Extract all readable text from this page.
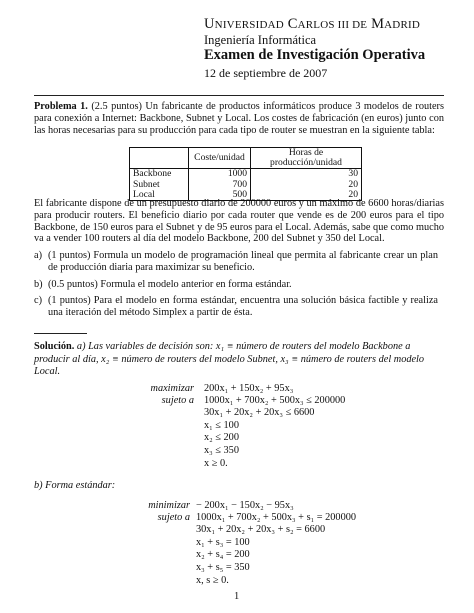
UNIVERSIDAD CARLOS III DE MADRID
Ingeniería Informática
Examen de Investigación Operativa
12 de septiembre de 2007
Problema 1. (2.5 puntos) Un fabricante de productos informáticos produce 3 modelos de routers para conexión a Internet: Backbone, Subnet y Local. Los costes de fabricación (en euros) junto con las horas necesarias para su producción para cada tipo de router se muestran en la siguiente tabla:
	Coste/unidad	Horas de producción/unidad
Backbone	1000	30
Subnet	700	20
Local	500	20
El fabricante dispone de un presupuesto diario de 200000 euros y un máximo de 6600 horas/diarias para producir routers. El beneficio diario por cada router que vende es de 200 euros para el tipo Backbone, de 150 euros para el Subnet y de 95 euros para el Local. Además, sabe que como mucho va a vender 100 routers al día del modelo Backbone, 200 del Subnet y 350 del Local.
a) (1 puntos) Formula un modelo de programación lineal que permita al fabricante crear un plan de producción diaria para maximizar su beneficio.
b) (0.5 puntos) Formula el modelo anterior en forma estándar.
c) (1 puntos) Para el modelo en forma estándar, encuentra una solución básica factible y realiza una iteración del método Simplex a partir de ésta.
Solución. a) Las variables de decisión son: x₁ ≡ número de routers del modelo Backbone a producir al día, x₂ ≡ número de routers del modelo Subnet, x₃ ≡ número de routers del modelo Local.
maximizar
sujeto a
200x₁ + 150x₂ + 95x₃
1000x₁ + 700x₂ + 500x₃ ≤ 200000
30x₁ + 20x₂ + 20x₃ ≤ 6600
x₁ ≤ 100
x₂ ≤ 200
x₃ ≤ 350
x ≥ 0.
b) Forma estándar:
minimizar
sujeto a
− 200x₁ − 150x₂ − 95x₃
1000x₁ + 700x₂ + 500x₃ + s₁ = 200000
30x₁ + 20x₂ + 20x₃ + s₂ = 6600
x₁ + s₃ = 100
x₂ + s₄ = 200
x₃ + s₅ = 350
x, s ≥ 0.
1
